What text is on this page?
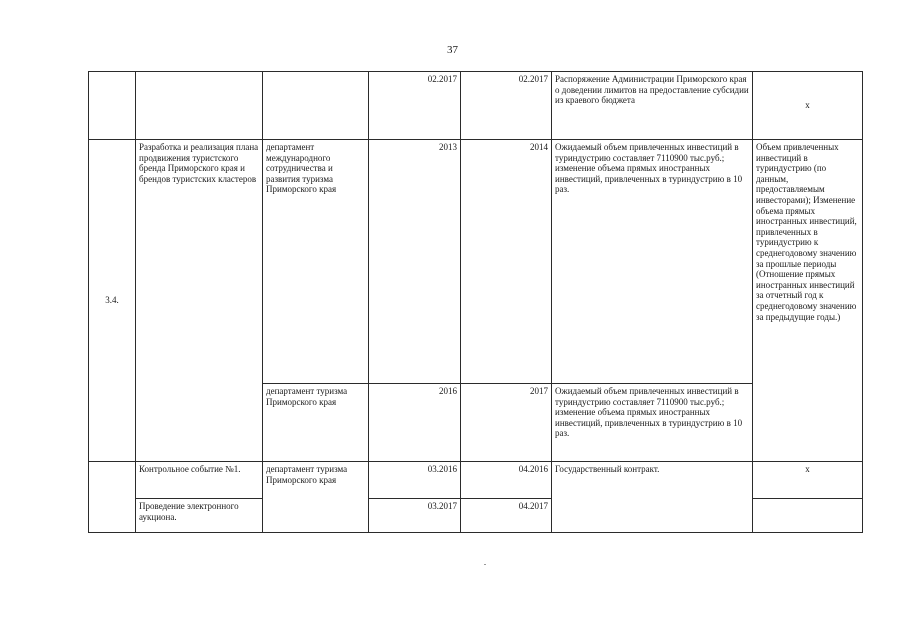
37
			02.2017	02.2017	Распоряжение Администрации Приморского края о доведении лимитов на предоставление субсидии из краевого бюджета	х
3.4.	Разработка и реализация плана продвижения туристского бренда Приморского края и брендов туристских кластеров	департамент международного сотрудничества и развития туризма Приморского края	2013	2014	Ожидаемый объем привлеченных инвестиций в туриндустрию составляет 7110900 тыс.руб.; изменение объема прямых иностранных инвестиций, привлеченных в туриндустрию в 10 раз.	Объем привлеченных инвестиций в туриндустрию (по данным, предоставляемым инвесторами); Изменение объема прямых иностранных инвестиций, привлеченных в туриндустрию к среднегодовому значению за прошлые периоды (Отношение прямых иностранных инвестиций за отчетный год к среднегодовому значению за предыдущие годы.)
		департамент туризма Приморского края	2016	2017	Ожидаемый объем привлеченных инвестиций в туриндустрию составляет 7110900 тыс.руб.; изменение объема прямых иностранных инвестиций, привлеченных в туриндустрию в 10 раз.	
	Контрольное событие №1.	департамент туризма Приморского края	03.2016	04.2016	Государственный контракт.	х
	Проведение электронного аукциона.		03.2017	04.2017		
